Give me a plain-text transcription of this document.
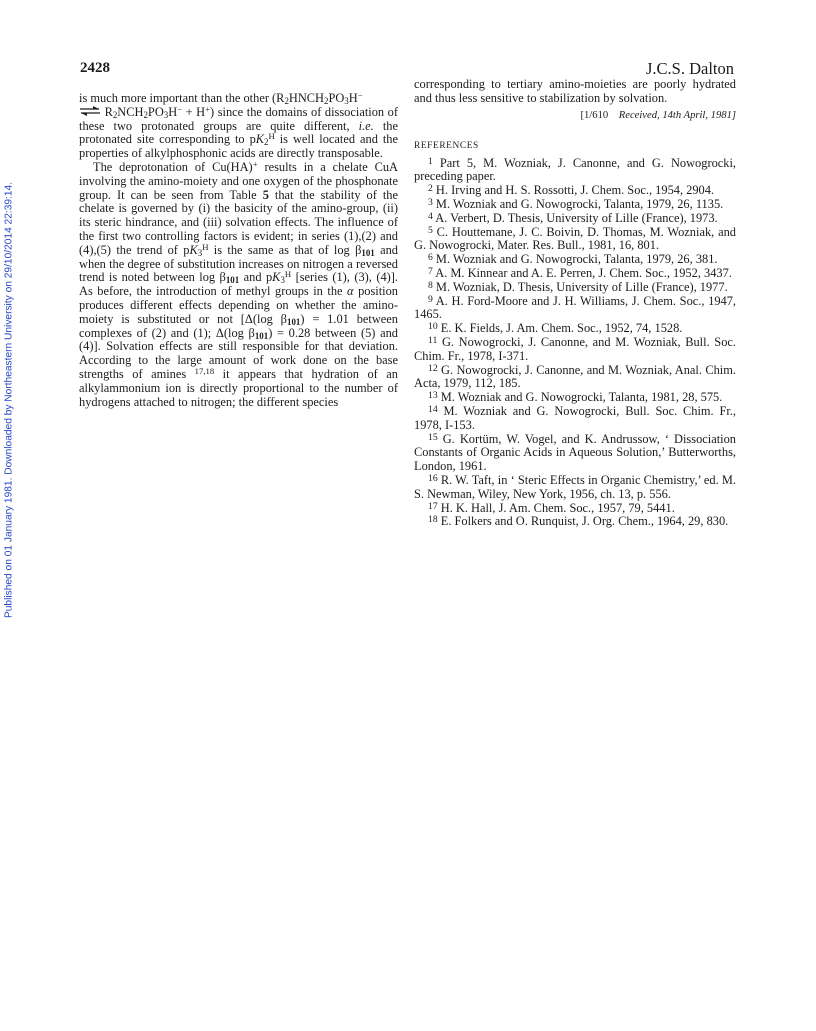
Published on 01 January 1981. Downloaded by Northeastern University on 29/10/2014 22:39:14.
2428	J.C.S. Dalton

is much more important than the other ($R_2HNCH_2PO_3H^-$
⇌ $R_2NCH_2PO_3H^- + H^+$) since the domains of dissociation of these two protonated groups are quite different, i.e. the protonated site corresponding to $pK_2^H$ is well located and the properties of alkylphosphonic acids are directly transposable.

The deprotonation of Cu(HA)+ results in a chelate CuA involving the amino-moiety and one oxygen of the phosphonate group. It can be seen from Table 5 that the stability of the chelate is governed by (i) the basicity of the amino-group, (ii) its steric hindrance, and (iii) solvation effects. The influence of the first two controlling factors is evident; in series (1),(2) and (4),(5) the trend of $pK_3^H$ is the same as that of $\log \beta_{101}$ and when the degree of substitution increases on nitrogen a reversed trend is noted between $\log \beta_{101}$ and $pK_3^H$ [series (1), (3), (4)]. As before, the introduction of methyl groups in the α position produces different effects depending on whether the amino-moiety is substituted or not [Δ(log $\beta_{101}) = 1.01$ between complexes of (2) and (1); Δ(log $\beta_{101}) = 0.28$ between (5) and (4)]. Solvation effects are still responsible for that deviation. According to the large amount of work done on the base strengths of amines $^{17,18}$ it appears that hydration of an alkylammonium ion is directly proportional to the number of hydrogens attached to nitrogen; the different species

corresponding to tertiary amino-moieties are poorly hydrated and thus less sensitive to stabilization by solvation.

[1/610 Received, 14th April, 1981]
REFERENCES

$^1$ Part 5, M. Wozniak, J. Canonne, and G. Nowogrocki, preceding paper.

$^2$ H. Irving and H. S. Rossotti, J. Chem. Soc., 1954, 2904.

$^3$ M. Wozniak and G. Nowogrocki, Talanta, 1979, 26, 1135.

$^4$ A. Verbert, D. Thesis, University of Lille (France), 1973.

$^5$ C. Houttemane, J. C. Boivin, D. Thomas, M. Wozniak, and G. Nowogrocki, Mater. Res. Bull., 1981, 16, 801.

$^6$ M. Wozniak and G. Nowogrocki, Talanta, 1979, 26, 381.

$^7$ A. M. Kinnear and A. E. Perren, J. Chem. Soc., 1952, 3437.

$^8$ M. Wozniak, D. Thesis, University of Lille (France), 1977.

$^9$ A. H. Ford-Moore and J. H. Williams, J. Chem. Soc., 1947, 1465.

$^{10}$ E. K. Fields, J. Am. Chem. Soc., 1952, 74, 1528.

$^{11}$ G. Nowogrocki, J. Canonne, and M. Wozniak, Bull. Soc. Chim. Fr., 1978, I-371.

$^{12}$ G. Nowogrocki, J. Canonne, and M. Wozniak, Anal. Chim. Acta, 1979, 112, 185.

$^{13}$ M. Wozniak and G. Nowogrocki, Talanta, 1981, 28, 575.

$^{14}$ M. Wozniak and G. Nowogrocki, Bull. Soc. Chim. Fr., 1978, I-153.

$^{15}$ G. Kortüm, W. Vogel, and K. Andrussow, ‘ Dissociation Constants of Organic Acids in Aqueous Solution,’ Butterworths, London, 1961.

$^{16}$ R. W. Taft, in ‘ Steric Effects in Organic Chemistry,’ ed. M. S. Newman, Wiley, New York, 1956, ch. 13, p. 556.

$^{17}$ H. K. Hall, J. Am. Chem. Soc., 1957, 79, 5441.

$^{18}$ E. Folkers and O. Runquist, J. Org. Chem., 1964, 29, 830.
